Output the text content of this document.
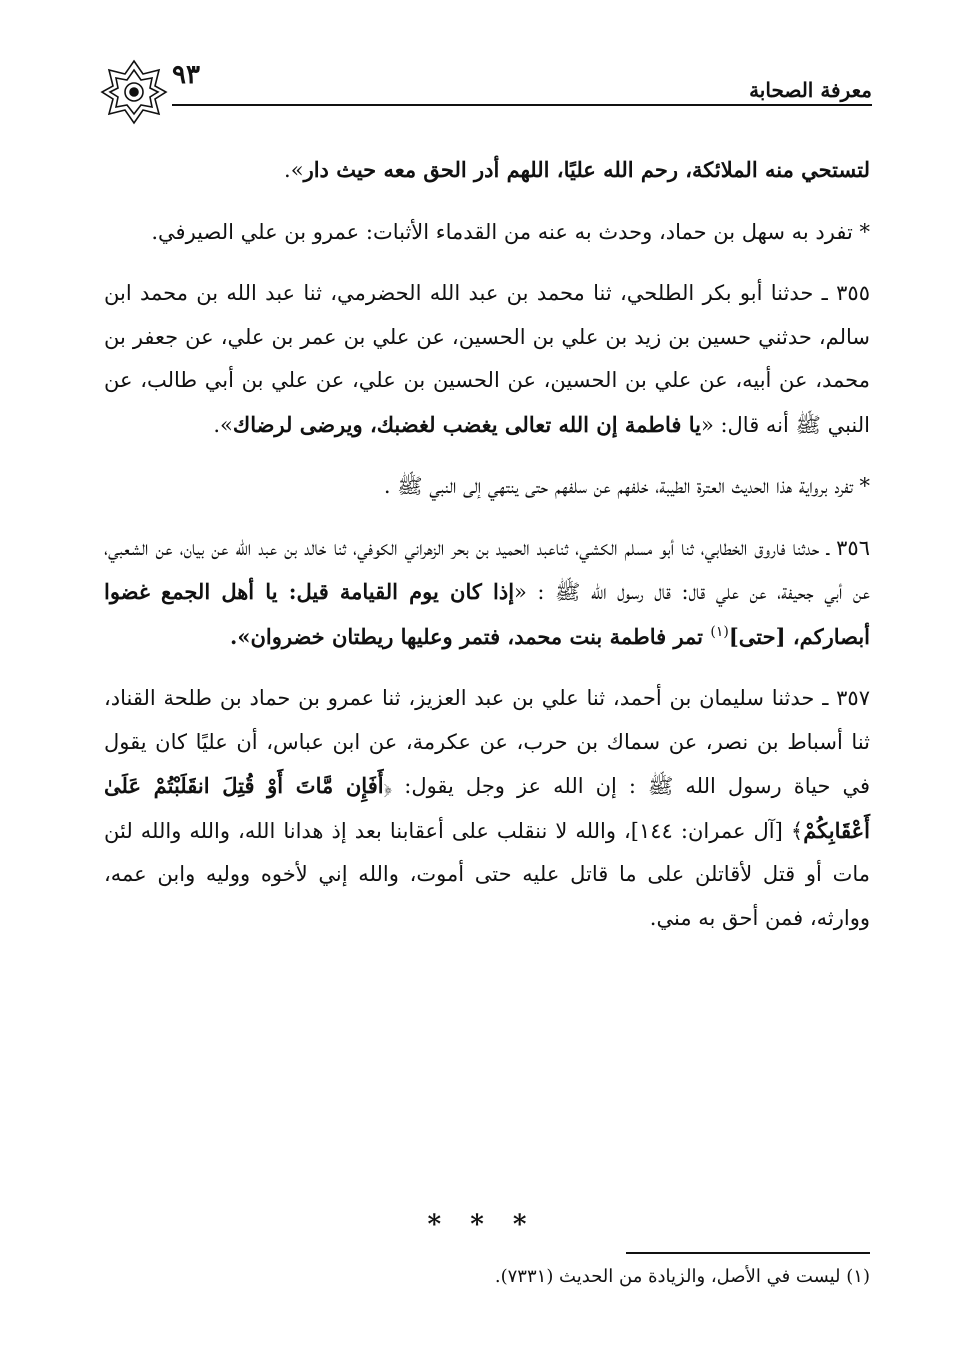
٩٣	معرفة الصحابة

لتستحي منه الملائكة، رحم الله عليًا، اللهم أدر الحق معه حيث دار».

* تفرد به سهل بن حماد، وحدث به عنه من القدماء الأثبات: عمرو بن علي الصيرفي.

٣٥٥ ـ حدثنا أبو بكر الطلحي، ثنا محمد بن عبد الله الحضرمي، ثنا عبد الله بن محمد ابن سالم، حدثني حسين بن زيد بن علي بن الحسين، عن علي بن عمر بن علي، عن جعفر بن محمد، عن أبيه، عن علي بن الحسين، عن الحسين بن علي، عن علي بن أبي طالب، عن النبي ﷺ أنه قال: «يا فاطمة إن الله تعالى يغضب لغضبك، ويرضى لرضاك».

* تفرد برواية هذا الحديث العترة الطيبة، خلفهم عن سلفهم حتى ينتهي إلى النبي ﷺ .

٣٥٦ ـ حدثنا فاروق الخطابي، ثنا أبو مسلم الكشي، ثناعبد الحميد بن بحر الزهراني الكوفي، ثنا خالد بن عبد الله عن بيان، عن الشعبي، عن أبي جحيفة، عن علي قال: قال رسول الله ﷺ : «إذا كان يوم القيامة قيل: يا أهل الجمع غضوا أبصاركم، [حتى]$^{(١)}$ تمر فاطمة بنت محمد، فتمر وعليها ريطتان خضروان».

٣٥٧ ـ حدثنا سليمان بن أحمد، ثنا علي بن عبد العزيز، ثنا عمرو بن حماد بن طلحة القناد، ثنا أسباط بن نصر، عن سماك بن حرب، عن عكرمة، عن ابن عباس، أن عليًا كان يقول في حياة رسول الله ﷺ : إن الله عز وجل يقول: ﴿أَفَإِن مَّاتَ أَوْ قُتِلَ انقَلَبْتُمْ عَلَىٰ أَعْقَابِكُمْ﴾ [آل عمران: ١٤٤]، والله لا ننقلب على أعقابنا بعد إذ هدانا الله، والله والله لئن مات أو قتل لأقاتلن على ما قاتل عليه حتى أموت، والله إني لأخوه ووليه وابن عمه، ووارثه، فمن أحق به مني.

* * *
(١) ليست في الأصل، والزيادة من الحديث (٧٣٣١).
